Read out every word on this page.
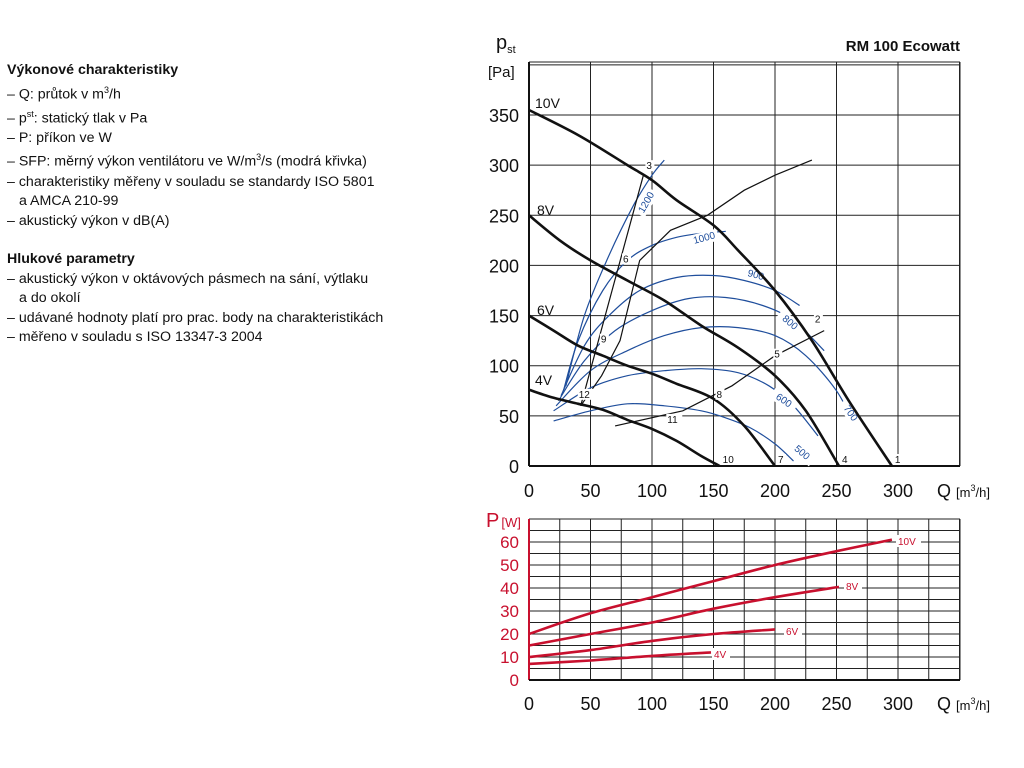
Výkonové charakteristiky
– Q: průtok v $m^3/h$
– $p^{st}$: statický tlak v Pa
– P: příkon ve W
– SFP: měrný výkon ventilátoru ve $W/m^3/s$ (modrá křivka)
– charakteristiky měřeny v souladu se standardy ISO 5801
a AMCA 210-99
– akustický výkon v dB(A)
Hlukové parametry
– akustický výkon v oktávových pásmech na sání, výtlaku
a do okolí
– udávané hodnoty platí pro prac. body na charakteristikách
– měřeno v souladu s ISO 13347-3 2004
0
50
100
150
200
250
300
350
0	50 100 150 200 250 300
$p_{st}$
[Pa]
Q [$m^3_{/h]}$
RM 100 Ecowatt
1200
1000
900
800
700
600
500
10V
8V
6V
4V
1
2
3
4
5
6
7
8
9
10
11
12
0
10
20
30
40
50
60
0	50 100 150 200 250 300
P [W]
Q [$m^3_{/h]}$
10V
8V
6V
4V
